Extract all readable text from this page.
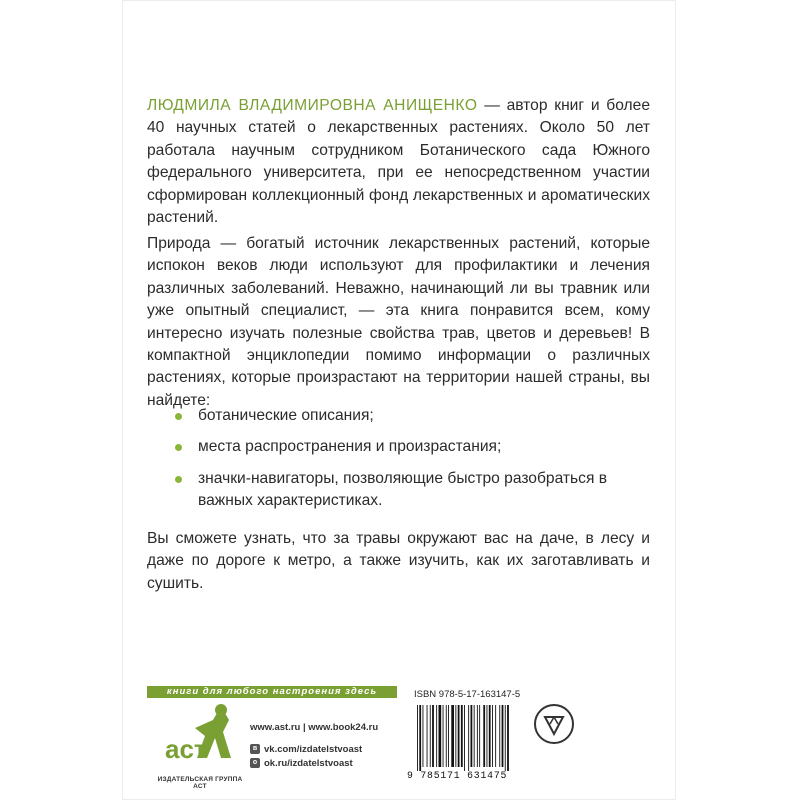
ЛЮДМИЛА ВЛАДИМИРОВНА АНИЩЕНКО — автор книг и более 40 научных статей о лекарственных растениях. Около 50 лет работала научным сотрудником Ботанического сада Южного федерального университета, при ее непосредственном участии сформирован коллекционный фонд лекарственных и ароматических растений.
Природа — богатый источник лекарственных растений, которые испокон веков люди используют для профилактики и лечения различных заболеваний. Неважно, начинающий ли вы травник или уже опытный специалист, — эта книга понравится всем, кому интересно изучать полезные свойства трав, цветов и деревьев! В компактной энциклопедии помимо информации о различных растениях, которые произрастают на территории нашей страны, вы найдете:
ботанические описания;
места распространения и произрастания;
значки-навигаторы, позволяющие быстро разобраться в важных характеристиках.
Вы сможете узнать, что за травы окружают вас на даче, в лесу и даже по дороге к метро, а также изучить, как их заготавливать и сушить.
книги для любого настроения здесь
аст
ИЗДАТЕЛЬСКАЯ ГРУППА АСТ
www.ast.ru | www.book24.ru
в vk.com/izdatelstvoast
o ok.ru/izdatelstvoast
ISBN 978-5-17-163147-5
9 785171 631475
